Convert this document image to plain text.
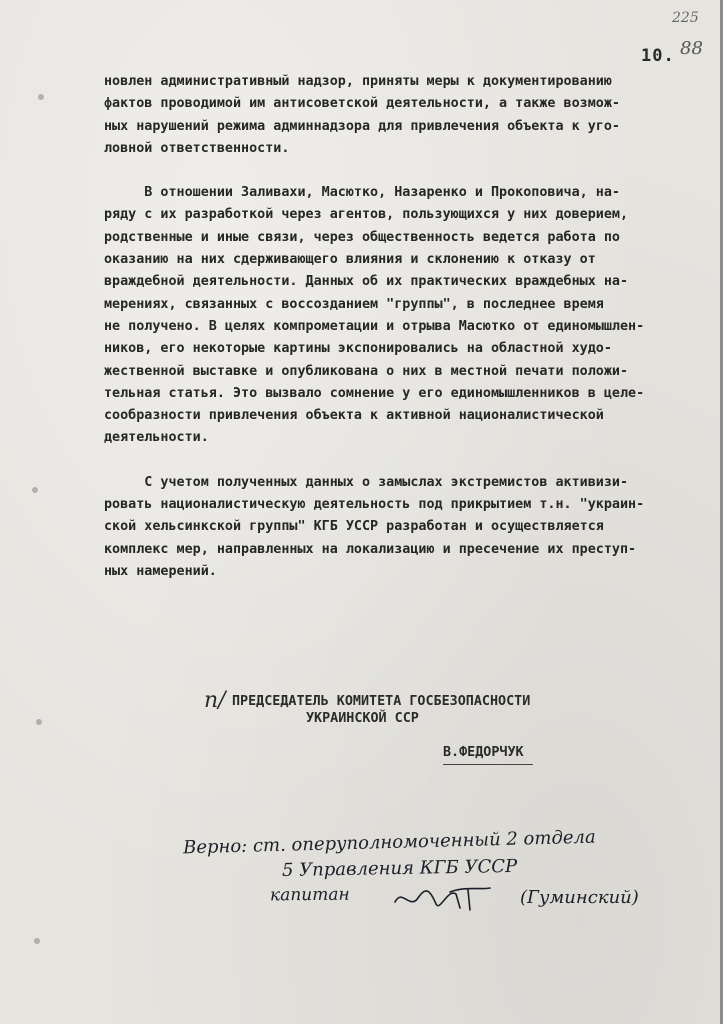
225
88
10.
новлен административный надзор, приняты меры к документированию
фактов проводимой им антисоветской деятельности, а также возмож-
ных нарушений режима админнадзора для привлечения объекта к уго-
ловной ответственности.
В отношении Заливахи, Масютко, Назаренко и Прокоповича, на-
ряду с их разработкой через агентов, пользующихся у них доверием,
родственные и иные связи, через общественность ведется работа по
оказанию на них сдерживающего влияния и склонению к отказу от
враждебной деятельности. Данных об их практических враждебных на-
мерениях, связанных с воссозданием "группы", в последнее время
не получено. В целях компрометации и отрыва Масютко от единомышлен-
ников, его некоторые картины экспонировались на областной худо-
жественной выставке и опубликована о них в местной печати положи-
тельная статья. Это вызвало сомнение у его единомышленников в целе-
сообразности привлечения объекта к активной националистической
деятельности.
С учетом полученных данных о замыслах экстремистов активизи-
ровать националистическую деятельность под прикрытием т.н. "украин-
ской хельсинкской группы" КГБ УССР разработан и осуществляется
комплекс мер, направленных на локализацию и пресечение их преступ-
ных намерений.
п/ ПРЕДСЕДАТЕЛЬ КОМИТЕТА ГОСБЕЗОПАСНОСТИ
УКРАИНСКОЙ ССР
В.ФЕДОРЧУК
Верно: ст. оперуполномоченный 2 отдела
5 Управления КГБ УССР
капитан	(Гуминский)
